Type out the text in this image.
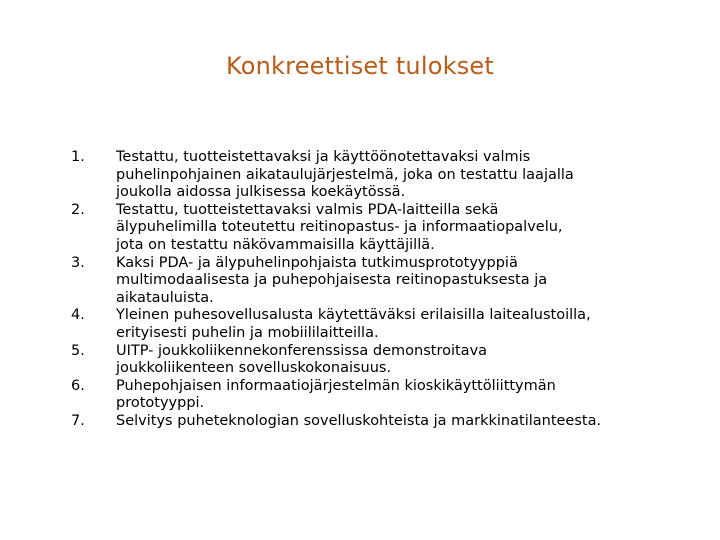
Konkreettiset tulokset
1.	Testattu, tuotteistettavaksi ja käyttöönotettavaksi valmis
puhelinpohjainen aikataulujärjestelmä, joka on testattu laajalla
joukolla aidossa julkisessa koekäytössä.
2.	Testattu, tuotteistettavaksi valmis PDA-laitteilla sekä
älypuhelimilla toteutettu reitinopastus- ja informaatiopalvelu,
jota on testattu näkövammaisilla käyttäjillä.
3.	Kaksi PDA- ja älypuhelinpohjaista tutkimusprototyyppiä
multimodaalisesta ja puhepohjaisesta reitinopastuksesta ja
aikatauluista.
4.	Yleinen puhesovellusalusta käytettäväksi erilaisilla laitealustoilla,
erityisesti puhelin ja mobiililaitteilla.
5.	UITP- joukkoliikennekonferenssissa demonstroitava
joukkoliikenteen sovelluskokonaisuus.
6.	Puhepohjaisen informaatiojärjestelmän kioskikäyttöliittymän
prototyyppi.
7.	Selvitys puheteknologian sovelluskohteista ja markkinatilanteesta.
